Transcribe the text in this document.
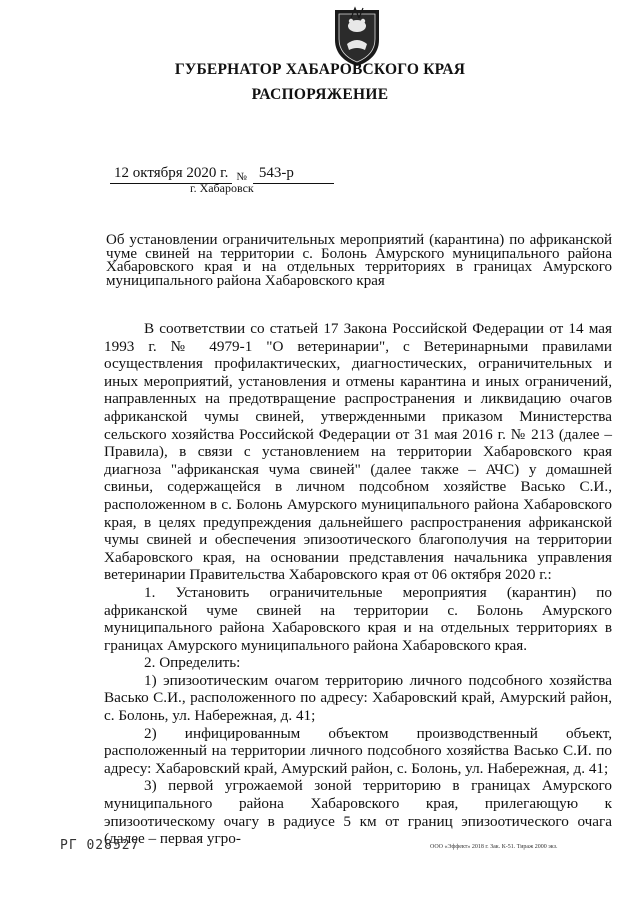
ГУБЕРНАТОР ХАБАРОВСКОГО КРАЯ
РАСПОРЯЖЕНИЕ
12 октября 2020 г. $_№$ 543-р
г. Хабаровск
Об установлении ограничительных мероприятий (карантина) по африканской чуме свиней на территории с. Болонь Амурского муниципального района Хабаровского края и на отдельных территориях в границах Амурского муниципального района Хабаровского края

В соответствии со статьей 17 Закона Российской Федерации от 14 мая 1993 г. № 4979-1 "О ветеринарии", с Ветеринарными правилами осуществления профилактических, диагностических, ограничительных и иных мероприятий, установления и отмены карантина и иных ограничений, направленных на предотвращение распространения и ликвидацию очагов африканской чумы свиней, утвержденными приказом Министерства сельского хозяйства Российской Федерации от 31 мая 2016 г. № 213 (далее – Правила), в связи с установлением на территории Хабаровского края диагноза "африканская чума свиней" (далее также – АЧС) у домашней свиньи, содержащейся в личном подсобном хозяйстве Васько С.И., расположенном в с. Болонь Амурского муниципального района Хабаровского края, в целях предупреждения дальнейшего распространения африканской чумы свиней и обеспечения эпизоотического благополучия на территории Хабаровского края, на основании представления начальника управления ветеринарии Правительства Хабаровского края от 06 октября 2020 г.:

1. Установить ограничительные мероприятия (карантин) по африканской чуме свиней на территории с. Болонь Амурского муниципального района Хабаровского края и на отдельных территориях в границах Амурского муниципального района Хабаровского края.

2. Определить:

1) эпизоотическим очагом территорию личного подсобного хозяйства Васько С.И., расположенного по адресу: Хабаровский край, Амурский район, с. Болонь, ул. Набережная, д. 41;

2) инфицированным объектом производственный объект, расположенный на территории личного подсобного хозяйства Васько С.И. по адресу: Хабаровский край, Амурский район, с. Болонь, ул. Набережная, д. 41;

3) первой угрожаемой зоной территорию в границах Амурского муниципального района Хабаровского края, прилегающую к эпизоотическому очагу в радиусе 5 км от границ эпизоотического очага (далее – первая угро-

РГ 028527	ООО «Эффект» 2018 г. Зак. К-51. Тираж 2000 экз.
